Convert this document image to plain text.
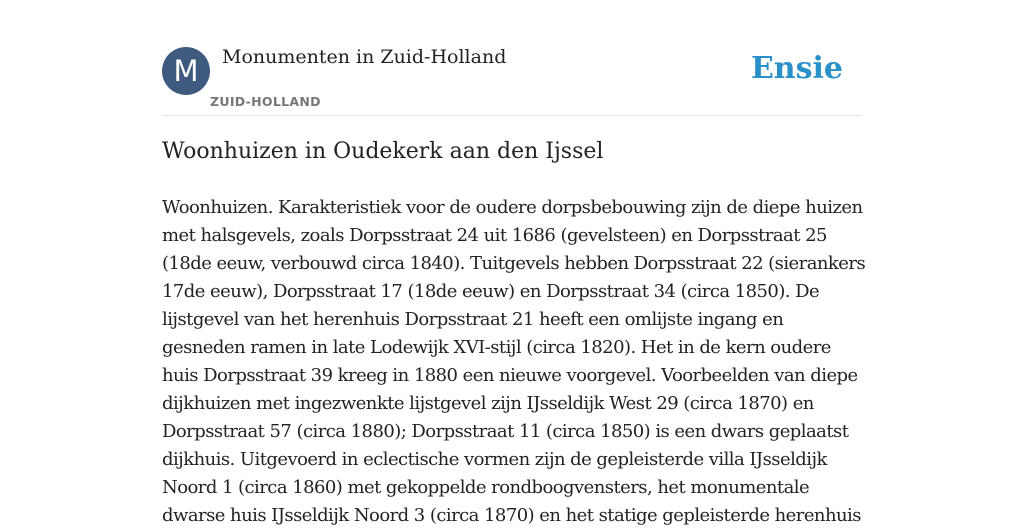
M	Monumenten in Zuid-Holland
ZUID-HOLLAND
Ensie
Woonhuizen in Oudekerk aan den Ijssel
Woonhuizen. Karakteristiek voor de oudere dorpsbebouwing zijn de diepe huizen
met halsgevels, zoals Dorpsstraat 24 uit 1686 (gevelsteen) en Dorpsstraat 25
(18de eeuw, verbouwd circa 1840). Tuitgevels hebben Dorpsstraat 22 (sierankers
17de eeuw), Dorpsstraat 17 (18de eeuw) en Dorpsstraat 34 (circa 1850). De
lijstgevel van het herenhuis Dorpsstraat 21 heeft een omlijste ingang en
gesneden ramen in late Lodewijk XVI-stijl (circa 1820). Het in de kern oudere
huis Dorpsstraat 39 kreeg in 1880 een nieuwe voorgevel. Voorbeelden van diepe
dijkhuizen met ingezwenkte lijstgevel zijn IJsseldijk West 29 (circa 1870) en
Dorpsstraat 57 (circa 1880); Dorpsstraat 11 (circa 1850) is een dwars geplaatst
dijkhuis. Uitgevoerd in eclectische vormen zijn de gepleisterde villa IJsseldijk
Noord 1 (circa 1860) met gekoppelde rondboogvensters, het monumentale
dwarse huis IJsseldijk Noord 3 (circa 1870) en het statige gepleisterde herenhuis
